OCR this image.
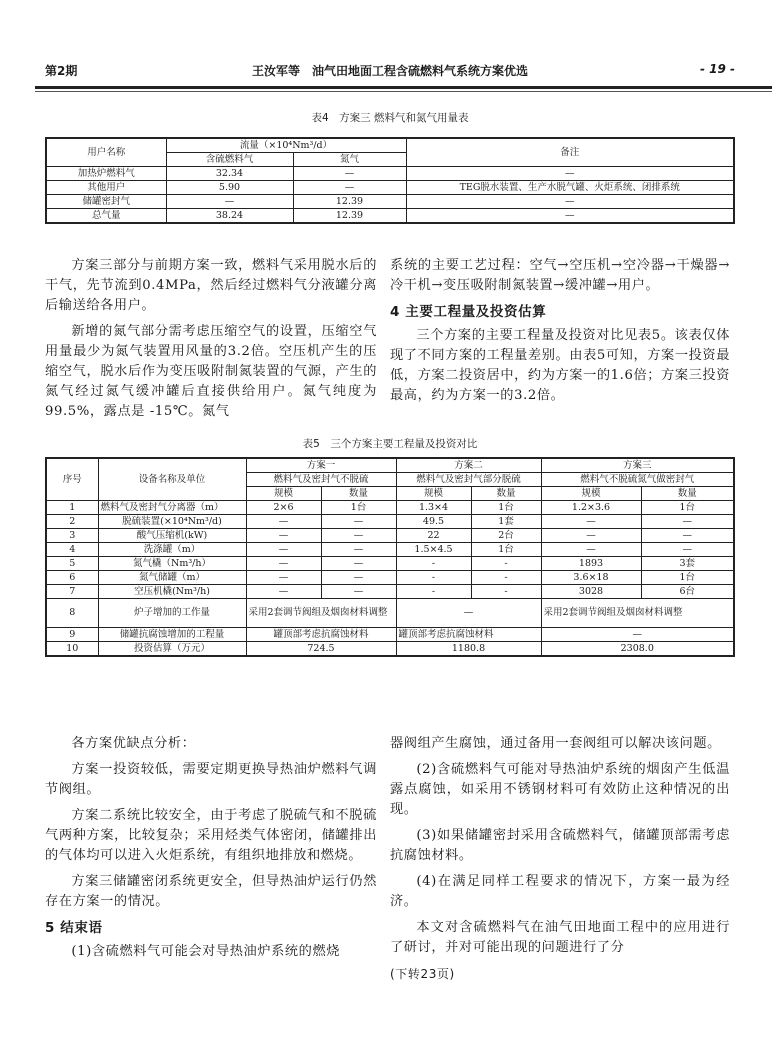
第2期	王汝军等　油气田地面工程含硫燃料气系统方案优选	- 19 -
表4　方案三 燃料气和氮气用量表
用户名称	流量（×10⁴Nm³/d）		备注
	含硫燃料气	氮气	
加热炉燃料气	32.34	—	—
其他用户	5.90	—	TEG脱水装置、生产水脱气罐、火炬系统、闭排系统
储罐密封气	—	12.39	—
总气量	38.24	12.39	—

方案三部分与前期方案一致，燃料气采用脱水后的干气，先节流到0.4MPa，然后经过燃料气分液罐分离后输送给各用户。

新增的氮气部分需考虑压缩空气的设置，压缩空气用量最少为氮气装置用风量的3.2倍。空压机产生的压缩空气，脱水后作为变压吸附制氮装置的气源，产生的氮气经过氮气缓冲罐后直接供给用户。氮气纯度为99.5%，露点是 -15℃。氮气

系统的主要工艺过程：空气→空压机→空冷器→干燥器→冷干机→变压吸附制氮装置→缓冲罐→用户。

4 主要工程量及投资估算

三个方案的主要工程量及投资对比见表5。该表仅体现了不同方案的工程量差别。由表5可知，方案一投资最低，方案二投资居中，约为方案一的1.6倍；方案三投资最高，约为方案一的3.2倍。

表5　三个方案主要工程量及投资对比
序号	设备名称及单位	方案一		方案二		方案三	
		燃料气及密封气不脱硫		燃料气及密封气部分脱硫		燃料气不脱硫氮气做密封气	
		规模	数量	规模	数量	规模	数量
1	燃料气及密封气分离器（m）	2×6	1台	1.3×4	1台	1.2×3.6	1台
2	脱硫装置(×10⁴Nm³/d)	—	—	49.5	1套	—	—
3	酸气压缩机(kW)	—	—	22	2台	—	—
4	洗涤罐（m）	—	—	1.5×4.5	1台	—	—
5	氮气橇（Nm³/h）	—	—	-	-	1893	3套
6	氮气储罐（m）	—	—	-	-	3.6×18	1台
7	空压机橇(Nm³/h)	—	—	-	-	3028	6台
8	炉子增加的工作量	采用2套调节阀组及烟囱材料调整		—		采用2套调节阀组及烟囱材料调整	
9	储罐抗腐蚀增加的工程量	罐顶部考虑抗腐蚀材料		罐顶部考虑抗腐蚀材料		—	
10	投资估算（万元）	724.5		1180.8		2308.0	

各方案优缺点分析：

方案一投资较低，需要定期更换导热油炉燃料气调节阀组。

方案二系统比较安全，由于考虑了脱硫气和不脱硫气两种方案，比较复杂；采用烃类气体密闭，储罐排出的气体均可以进入火炬系统，有组织地排放和燃烧。

方案三储罐密闭系统更安全，但导热油炉运行仍然存在方案一的情况。

5 结束语

(1)含硫燃料气可能会对导热油炉系统的燃烧

器阀组产生腐蚀，通过备用一套阀组可以解决该问题。

(2)含硫燃料气可能对导热油炉系统的烟囱产生低温露点腐蚀，如采用不锈钢材料可有效防止这种情况的出现。

(3)如果储罐密封采用含硫燃料气，储罐顶部需考虑抗腐蚀材料。

(4)在满足同样工程要求的情况下，方案一最为经济。

本文对含硫燃料气在油气田地面工程中的应用进行了研讨，并对可能出现的问题进行了分

(下转23页)
